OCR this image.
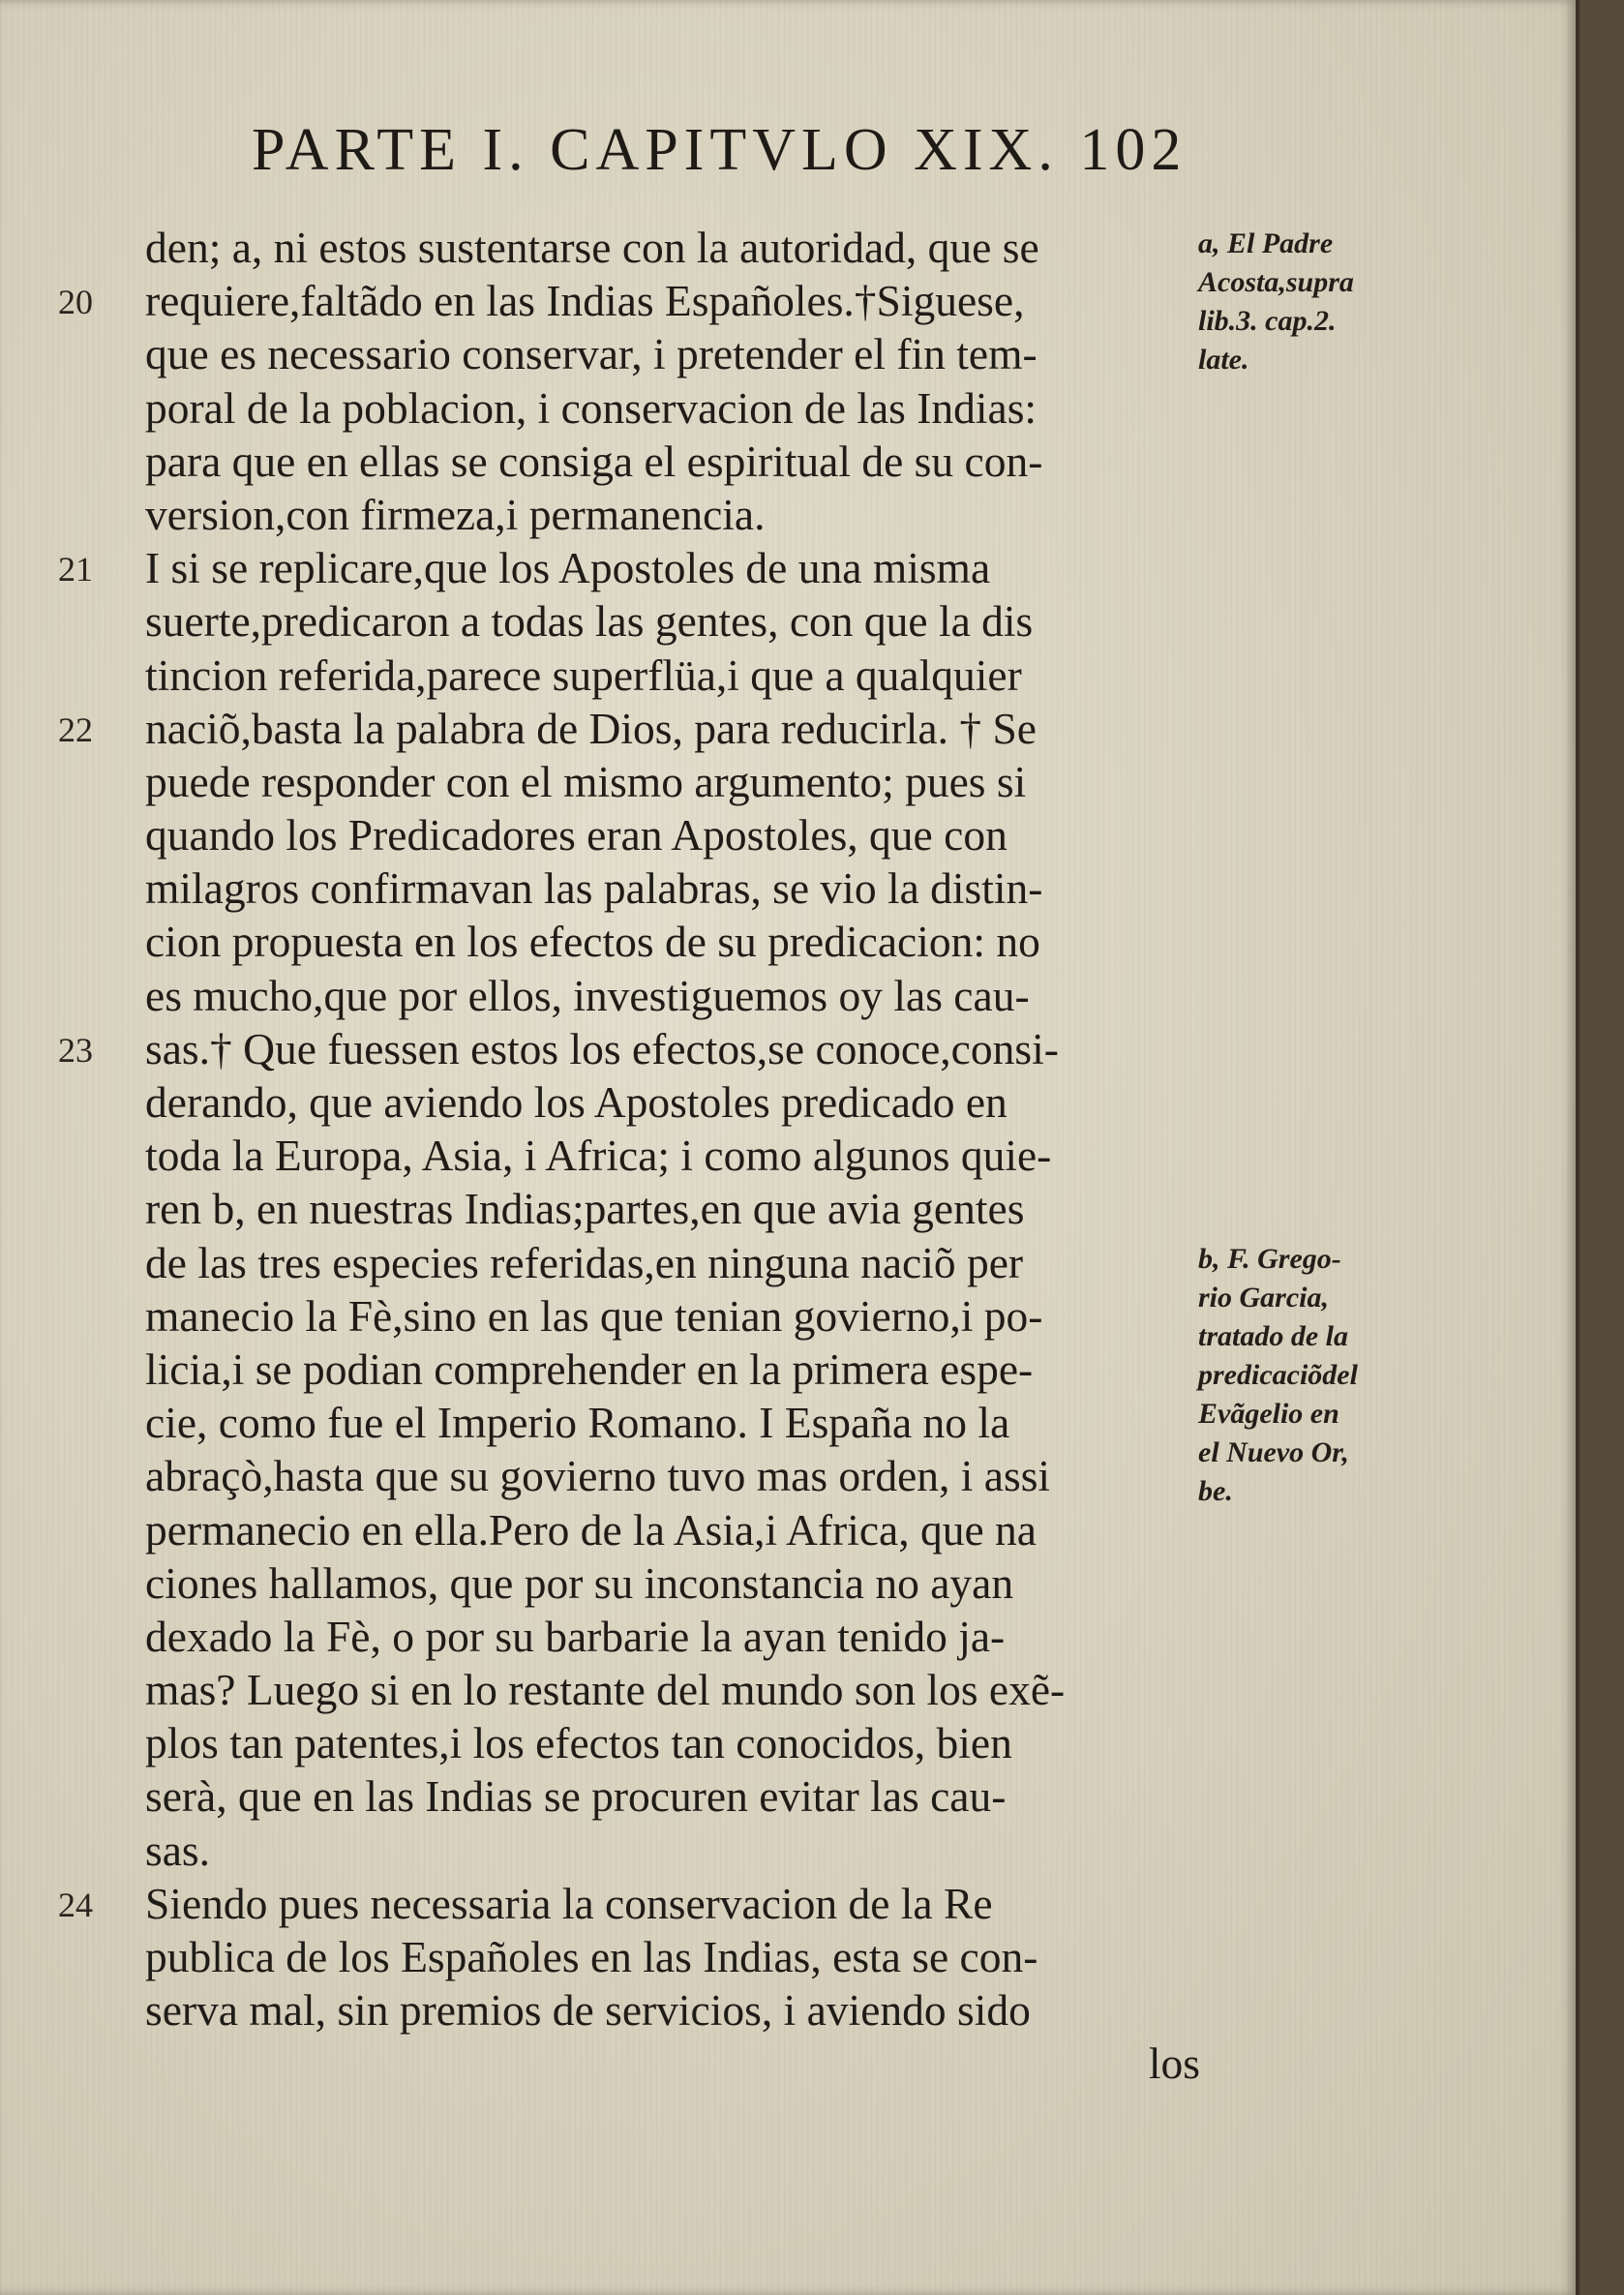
PARTE I. CAPITVLO XIX. 102
20
21
22
23
24
den; a, ni estos sustentarse con la autoridad, que se
requiere,faltãdo en las Indias Españoles.†Siguese,
que es necessario conservar, i pretender el fin tem-
poral de la poblacion, i conservacion de las Indias:
para que en ellas se consiga el espiritual de su con-
version,con firmeza,i permanencia.
I si se replicare,que los Apostoles de una misma
suerte,predicaron a todas las gentes, con que la dis
tincion referida,parece superflüa,i que a qualquier
naciõ,basta la palabra de Dios, para reducirla. † Se
puede responder con el mismo argumento; pues si
quando los Predicadores eran Apostoles, que con
milagros confirmavan las palabras, se vio la distin-
cion propuesta en los efectos de su predicacion: no
es mucho,que por ellos, investiguemos oy las cau-
sas.† Que fuessen estos los efectos,se conoce,consi-
derando, que aviendo los Apostoles predicado en
toda la Europa, Asia, i Africa; i como algunos quie-
ren b, en nuestras Indias;partes,en que avia gentes
de las tres especies referidas,en ninguna naciõ per
manecio la Fè,sino en las que tenian govierno,i po-
licia,i se podian comprehender en la primera espe-
cie, como fue el Imperio Romano. I España no la
abraçò,hasta que su govierno tuvo mas orden, i assi
permanecio en ella.Pero de la Asia,i Africa, que na
ciones hallamos, que por su inconstancia no ayan
dexado la Fè, o por su barbarie la ayan tenido ja-
mas? Luego si en lo restante del mundo son los exẽ-
plos tan patentes,i los efectos tan conocidos, bien
serà, que en las Indias se procuren evitar las cau-
sas.
Siendo pues necessaria la conservacion de la Re
publica de los Españoles en las Indias, esta se con-
serva mal, sin premios de servicios, i aviendo sido
los
a, El Padre
Acosta,supra
lib.3. cap.2.
late.
b, F. Grego-
rio Garcia,
tratado de la
predicaciõdel
Evãgelio en
el Nuevo Or,
be.
